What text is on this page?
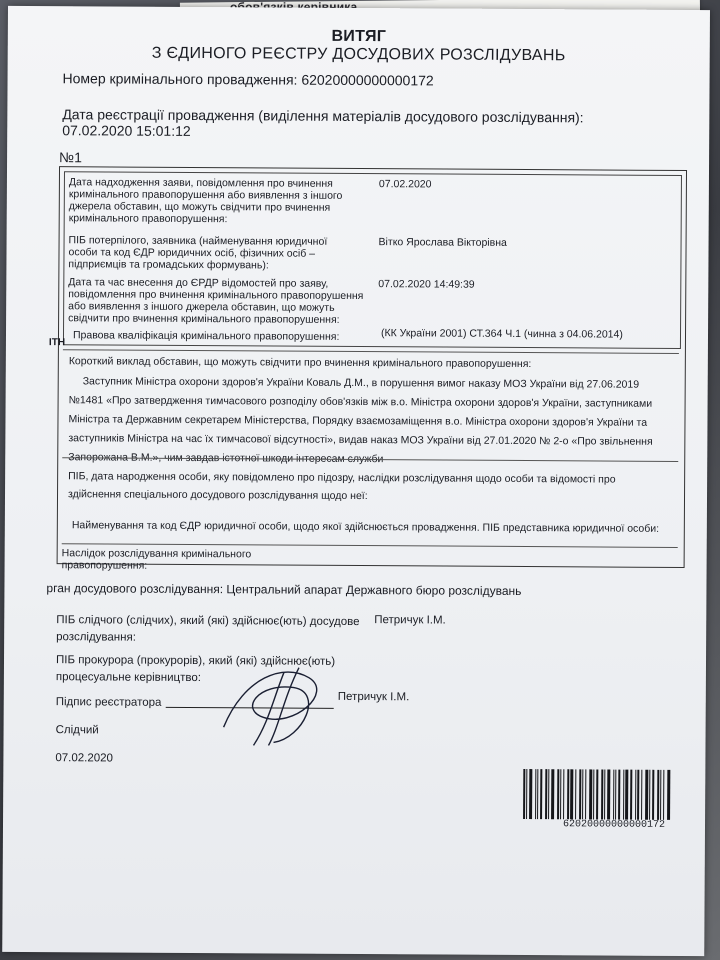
ВИТЯГ
З ЄДИНОГО РЕЄСТРУ ДОСУДОВИХ РОЗСЛІДУВАНЬ
Номер кримінального провадження: 62020000000000172
Дата реєстрації провадження (виділення матеріалів досудового розслідування): 07.02.2020 15:01:12
№1
Дата надходження заяви, повідомлення про вчинення кримінального правопорушення або виявлення з іншого джерела обставин, що можуть свідчити про вчинення кримінального правопорушення:
07.02.2020
ПІБ потерпілого, заявника (найменування юридичної особи та код ЄДР юридичних осіб, фізичних осіб – підприємців та громадських формувань):
Вітко Ярослава Вікторівна
Дата та час внесення до ЄРДР відомостей про заяву, повідомлення про вчинення кримінального правопорушення або виявлення з іншого джерела обставин, що можуть свідчити про вчинення кримінального правопорушення:
07.02.2020 14:49:39
Правова кваліфікація кримінального правопорушення:	(КК України 2001) СТ.364 Ч.1 (чинна з 04.06.2014)
ITH
Короткий виклад обставин, що можуть свідчити про вчинення кримінального правопорушення:
Заступник Міністра охорони здоров'я України Коваль Д.М., в порушення вимог наказу МОЗ України від 27.06.2019 №1481 «Про затвердження тимчасового розподілу обов'язків між в.о. Міністра охорони здоров'я України, заступниками Міністра та Державним секретарем Міністерства, Порядку взаємозаміщення в.о. Міністра охорони здоров'я України та заступників Міністра на час їх тимчасової відсутності», видав наказ МОЗ України від 27.01.2020 № 2-о «Про звільнення Запорожана В.М.», чим завдав істотної шкоди інтересам служби
ПІБ, дата народження особи, яку повідомлено про підозру, наслідки розслідування щодо особи та відомості про здійснення спеціального досудового розслідування щодо неї:
Найменування та код ЄДР юридичної особи, щодо якої здійснюється провадження. ПІБ представника юридичної особи:
Наслідок розслідування кримінального правопорушення:
рган досудового розслідування: Центральний апарат Державного бюро розслідувань
ПІБ слідчого (слідчих), який (які) здійснює(ють) досудове розслідування:
Петричук І.М.
ПІБ прокурора (прокурорів), який (які) здійснює(ють) процесуальне керівництво:
Підпис реєстратора	Петричук І.М.
Слідчий
07.02.2020
62020000000000172
